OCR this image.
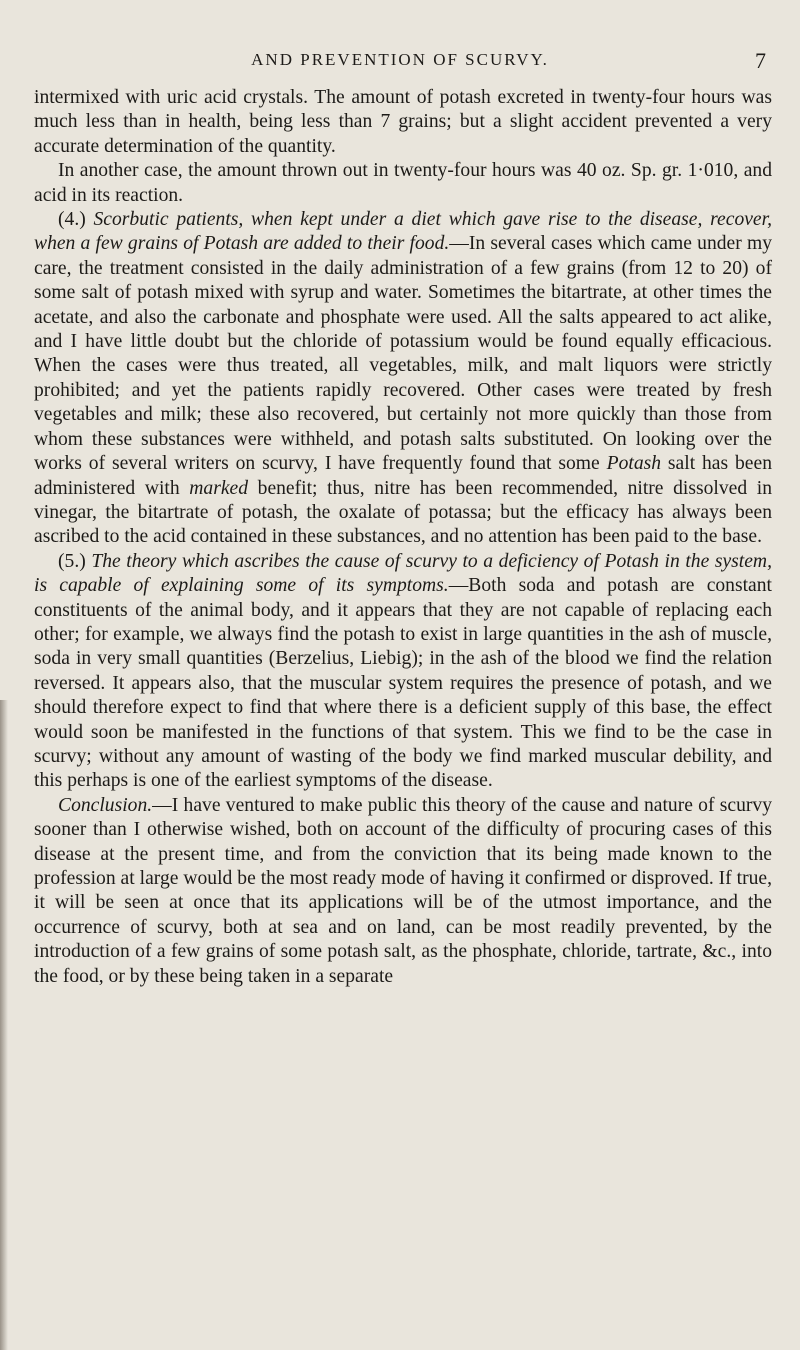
AND PREVENTION OF SCURVY.	7

intermixed with uric acid crystals. The amount of potash excreted in twenty-four hours was much less than in health, being less than 7 grains; but a slight accident prevented a very accurate determination of the quantity.

In another case, the amount thrown out in twenty-four hours was 40 oz. Sp. gr. 1·010, and acid in its reaction.

(4.) Scorbutic patients, when kept under a diet which gave rise to the disease, recover, when a few grains of Potash are added to their food.—In several cases which came under my care, the treatment consisted in the daily administration of a few grains (from 12 to 20) of some salt of potash mixed with syrup and water. Sometimes the bitartrate, at other times the acetate, and also the carbonate and phosphate were used. All the salts appeared to act alike, and I have little doubt but the chloride of potassium would be found equally efficacious. When the cases were thus treated, all vegetables, milk, and malt liquors were strictly prohibited; and yet the patients rapidly recovered. Other cases were treated by fresh vegetables and milk; these also recovered, but certainly not more quickly than those from whom these substances were withheld, and potash salts substituted. On looking over the works of several writers on scurvy, I have frequently found that some Potash salt has been administered with marked benefit; thus, nitre has been recommended, nitre dissolved in vinegar, the bitartrate of potash, the oxalate of potassa; but the efficacy has always been ascribed to the acid contained in these substances, and no attention has been paid to the base.

(5.) The theory which ascribes the cause of scurvy to a deficiency of Potash in the system, is capable of explaining some of its symptoms.—Both soda and potash are constant constituents of the animal body, and it appears that they are not capable of replacing each other; for example, we always find the potash to exist in large quantities in the ash of muscle, soda in very small quantities (Berzelius, Liebig); in the ash of the blood we find the relation reversed. It appears also, that the muscular system requires the presence of potash, and we should therefore expect to find that where there is a deficient supply of this base, the effect would soon be manifested in the functions of that system. This we find to be the case in scurvy; without any amount of wasting of the body we find marked muscular debility, and this perhaps is one of the earliest symptoms of the disease.

Conclusion.—I have ventured to make public this theory of the cause and nature of scurvy sooner than I otherwise wished, both on account of the difficulty of procuring cases of this disease at the present time, and from the conviction that its being made known to the profession at large would be the most ready mode of having it confirmed or disproved. If true, it will be seen at once that its applications will be of the utmost importance, and the occurrence of scurvy, both at sea and on land, can be most readily prevented, by the introduction of a few grains of some potash salt, as the phosphate, chloride, tartrate, &c., into the food, or by these being taken in a separate
